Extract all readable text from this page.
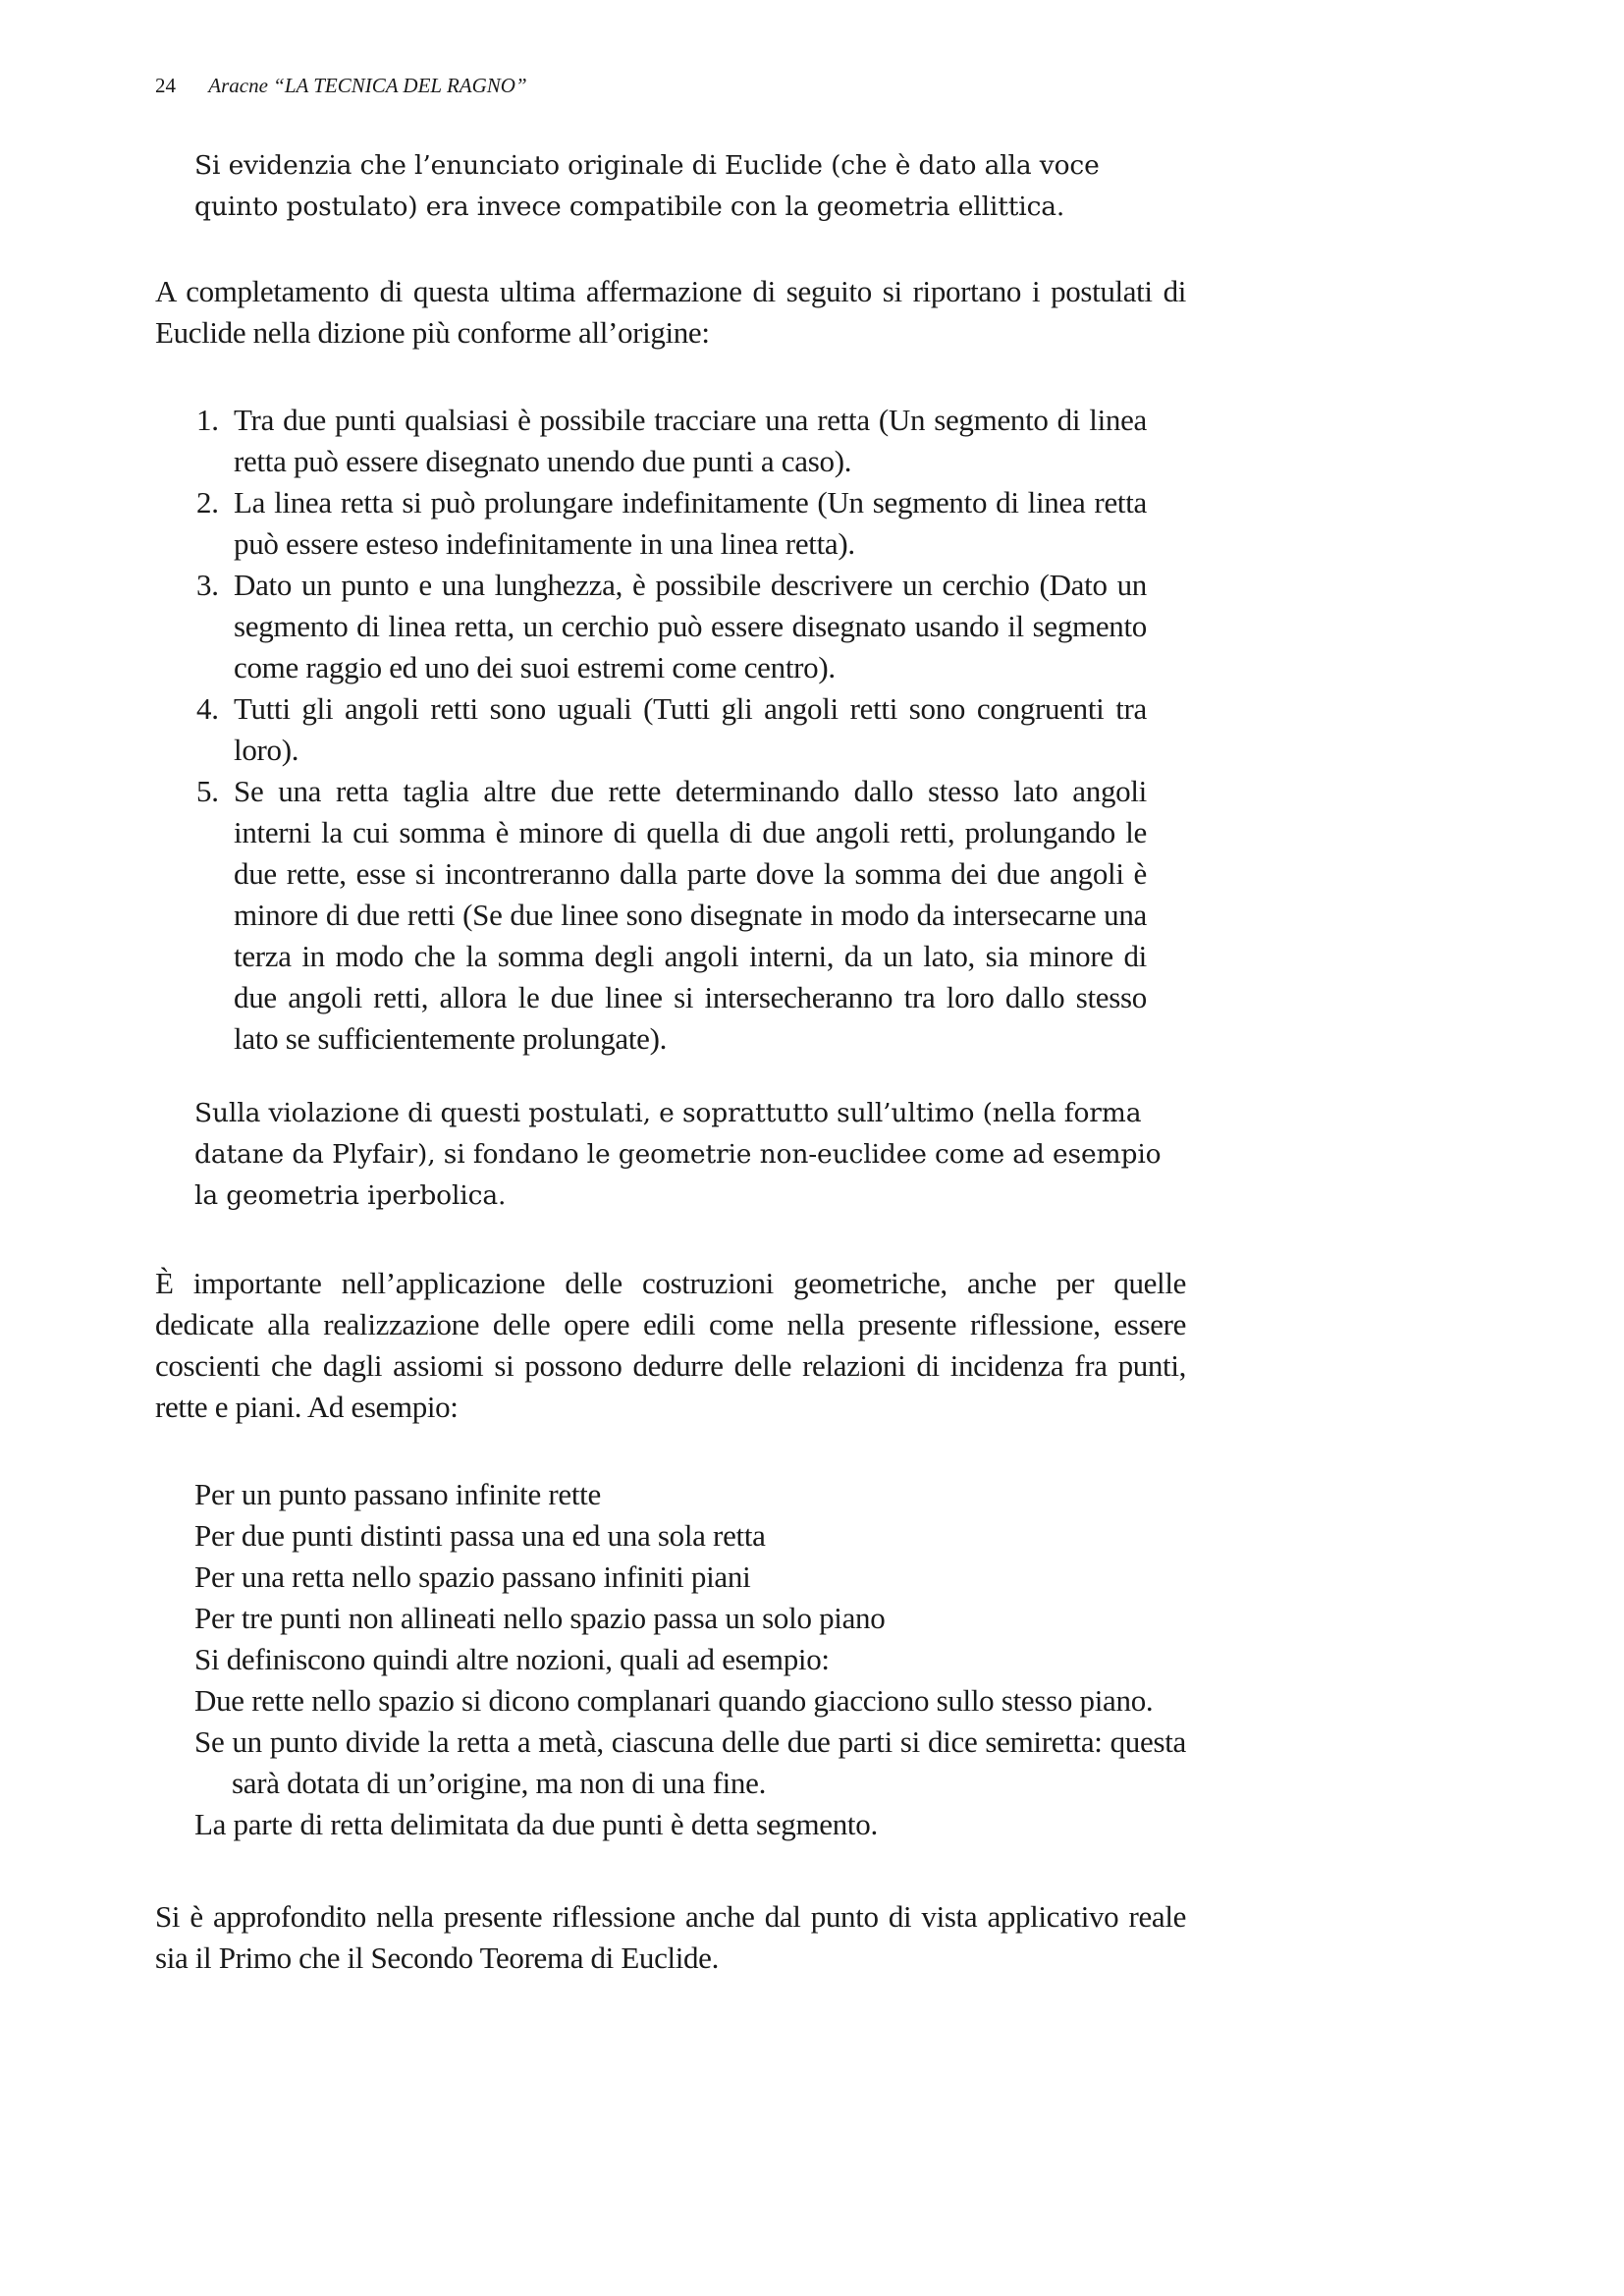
24 Aracne “LA TECNICA DEL RAGNO”

Si evidenzia che l’enunciato originale di Euclide (che è dato alla voce quinto postulato) era invece compatibile con la geometria ellittica.

A completamento di questa ultima affermazione di seguito si riportano i postulati di Euclide nella dizione più conforme all’origine:

1. Tra due punti qualsiasi è possibile tracciare una retta (Un segmento di linea retta può essere disegnato unendo due punti a caso).
2. La linea retta si può prolungare indefinitamente (Un segmento di linea retta può essere esteso indefinitamente in una linea retta).
3. Dato un punto e una lunghezza, è possibile descrivere un cerchio (Dato un segmento di linea retta, un cerchio può essere disegnato usando il segmento come raggio ed uno dei suoi estremi come centro).
4. Tutti gli angoli retti sono uguali (Tutti gli angoli retti sono congruenti tra loro).
5. Se una retta taglia altre due rette determinando dallo stesso lato angoli interni la cui somma è minore di quella di due angoli retti, prolungando le due rette, esse si incontreranno dalla parte dove la somma dei due angoli è minore di due retti (Se due linee sono disegnate in modo da intersecarne una terza in modo che la somma degli angoli interni, da un lato, sia minore di due angoli retti, allora le due linee si intersecheranno tra loro dallo stesso lato se sufficientemente prolungate).

Sulla violazione di questi postulati, e soprattutto sull’ultimo (nella forma datane da Plyfair), si fondano le geometrie non-euclidee come ad esempio la geometria iperbolica.

È importante nell’applicazione delle costruzioni geometriche, anche per quelle dedicate alla realizzazione delle opere edili come nella presente riflessione, essere coscienti che dagli assiomi si possono dedurre delle relazioni di incidenza fra punti, rette e piani. Ad esempio:

Per un punto passano infinite rette
Per due punti distinti passa una ed una sola retta
Per una retta nello spazio passano infiniti piani
Per tre punti non allineati nello spazio passa un solo piano
Si definiscono quindi altre nozioni, quali ad esempio:
Due rette nello spazio si dicono complanari quando giacciono sullo stesso piano.
Se un punto divide la retta a metà, ciascuna delle due parti si dice semiretta: questa sarà dotata di un’origine, ma non di una fine.
La parte di retta delimitata da due punti è detta segmento.

Si è approfondito nella presente riflessione anche dal punto di vista applicativo reale sia il Primo che il Secondo Teorema di Euclide.
